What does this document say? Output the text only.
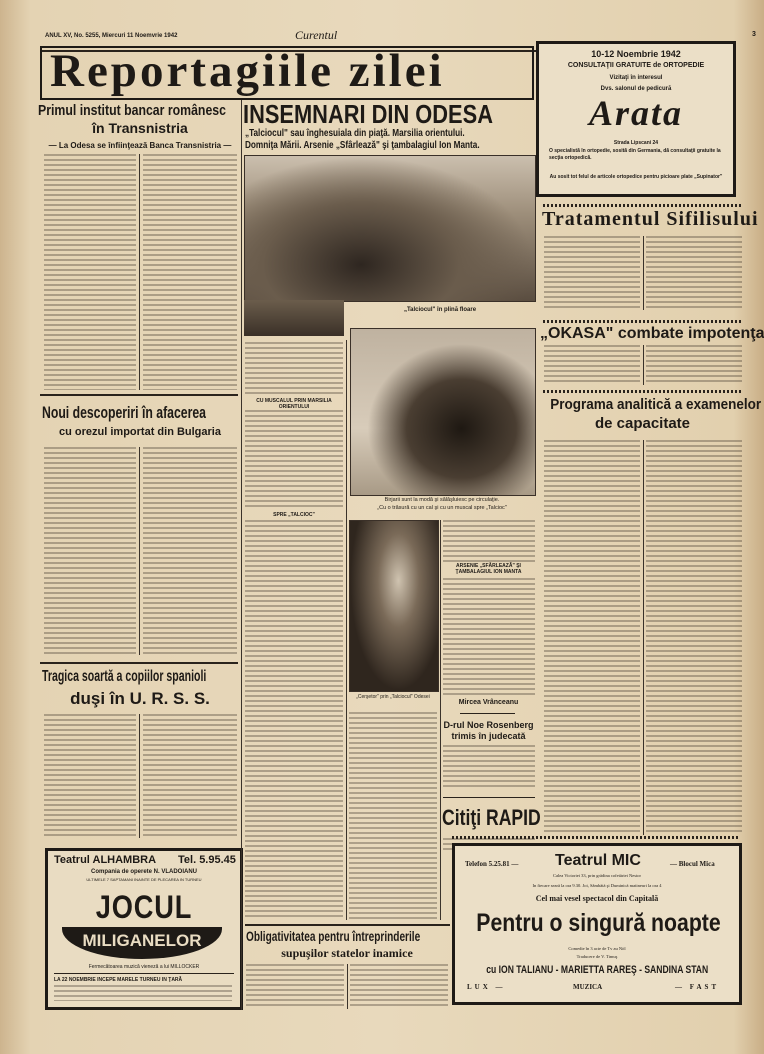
ANUL XV, No. 5255, Miercuri 11 Noemvrie 1942	Curentul	3
Reportagiile zilei
Primul institut bancar românesc
în Transnistria
— La Odesa se înfiinţează Banca Transnistria —
Noui descoperiri în afacerea
cu orezul importat din Bulgaria
Tragica soartă a copiilor spanioli
duşi în U. R. S. S.
Teatrul ALHAMBRA Tel. 5.95.45
Compania de operete N. VLADOIANU
ULTIMELE 7 SAPTAMANI INAINTE DE PLECAREA IN TURNEU
JOCUL
MILIGANELOR
Fermecătoarea muzică vieneză a lui MILLOCKER
LA 22 NOEMBRIE INCEPE MARELE TURNEU IN ŢARĂ
INSEMNARI DIN ODESA
„Talciocul" sau înghesuiala din piaţă. Marsilia orientului.
Domniţa Mării. Arsenie „Sfârlează" şi ţambalagiul Ion Manta.
„Talciocul" în plină floare
CU MUSCALUL PRIN MARSILIA ORIENTULUI
SPRE „TALCIOC"
Birjarii sunt la modă şi sălăşluiesc pe circulaţie.
„Cu o trăsură cu un cal şi cu un muscal spre „Talcioc"
„Cerşetor" prin „Talciocul" Odesei
ARSENIE „SFÂRLEAZĂ" ŞI ŢAMBALAGIUL ION MANTA
Mircea Vrânceanu
D-rul Noe Rosenberg
trimis în judecată
Citiţi RAPID
Obligativitatea pentru întreprinderile
supuşilor statelor inamice
10-12 Noembrie 1942
CONSULTAŢII GRATUITE de ORTOPEDIE
Vizitaţi în interesul
Dvs. salonul de pedicură
Arata
Strada Lipscani 24
O specialistă în ortopedie, sosită din Germania, dă consultaţii gratuite la secţia ortopedică.
Au sosit tot felul de articole ortopedice pentru picioare plate „Supinator"
Tratamentul Sifilisului
„OKASA" combate impotenţa
Programa analitică a examenelor
de capacitate
Telefon 5.25.81 — Teatrul MIC	— Blocul Mica
Calea Victoriei 33, prin grădina cofetăriei Nestor
In fiecare seară la ora 9.30. Joi, Sâmbătă şi Duminică matineuri la ora 4
Cel mai vesel spectacol din Capitală
Pentru o singură noapte
Comedie în 3 acte de Tv au Nöl
Traducere de V. Timuş
cu ION TALIANU - MARIETTA RAREŞ - SANDINA STAN
LUX —	MUZICA	— FAST
